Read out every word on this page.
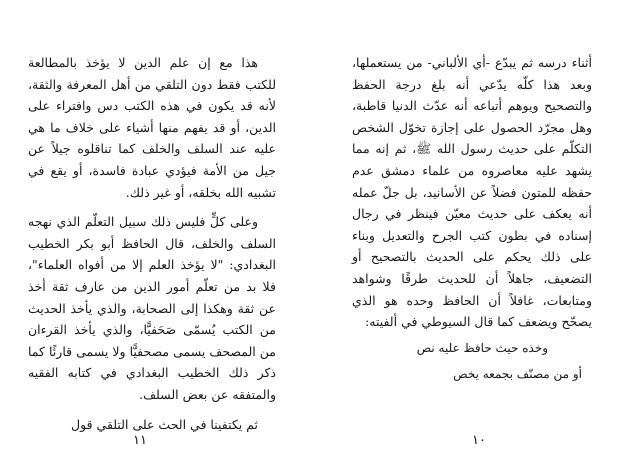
هذا مع إن علم الدين لا يؤخذ بالمطالعة للكتب فقط دون التلقي من أهل المعرفة والثقة، لأنه قد يكون في هذه الكتب دس وافتراء على الدين، أو قد يفهم منها أشياء على خلاف ما هي عليه عند السلف والخلف كما تناقلوه جيلاً عن جيل من الأمة فيؤدي عبادة فاسدة، أو يقع في تشبيه الله بخلقه، أو غير ذلك.

وعلى كلٍّ فليس ذلك سبيل التعلّم الذي نهجه السلف والخلف، قال الحافظ أبو بكر الخطيب البغدادي: "لا يؤخذ العلم إلا من أفواه العلماء"، فلا بد من تعلّم أمور الدين من عارف ثقة أخذ عن ثقة وهكذا إلى الصحابة، والذي يأخذ الحديث من الكتب يُسمّى صَحَفيًّا، والذي يأخذ القرءان من المصحف يسمى مصحفيًّا ولا يسمى قارئًا كما ذكر ذلك الخطيب البغدادي في كتابه الفقيه والمتفقه عن بعض السلف.

ثم يكتفينا في الحث على التلقي قول

١١

أثناء درسه ثم يبدّع -أي الألباني- من يستعملها، وبعد هذا كلّه يدّعي أنه بلغ درجة الحفظ والتصحيح ويوهم أتباعه أنه عدّث الدنيا قاطبة، وهل مجرّد الحصول على إجازة تخوّل الشخص التكلّم على حديث رسول الله ﷺ، ثم إنه مما يشهد عليه معاصروه من علماء دمشق عدم حفظه للمتون فضلاً عن الأسانيد، بل جلّ عمله أنه يعكف على حديث معيّن فينظر في رجال إسناده في بطون كتب الجرح والتعديل وبناء على ذلك يحكم على الحديث بالتصحيح أو التضعيف، جاهلاً أن للحديث طرقًا وشواهد ومتابعات، غافلاً أن الحافظ وحده هو الذي يصحّح ويضعف كما قال السيوطي في ألفيته:

وخذه حيث حافظ عليه نص

أو من مصنّف بجمعه يخص

١٠
